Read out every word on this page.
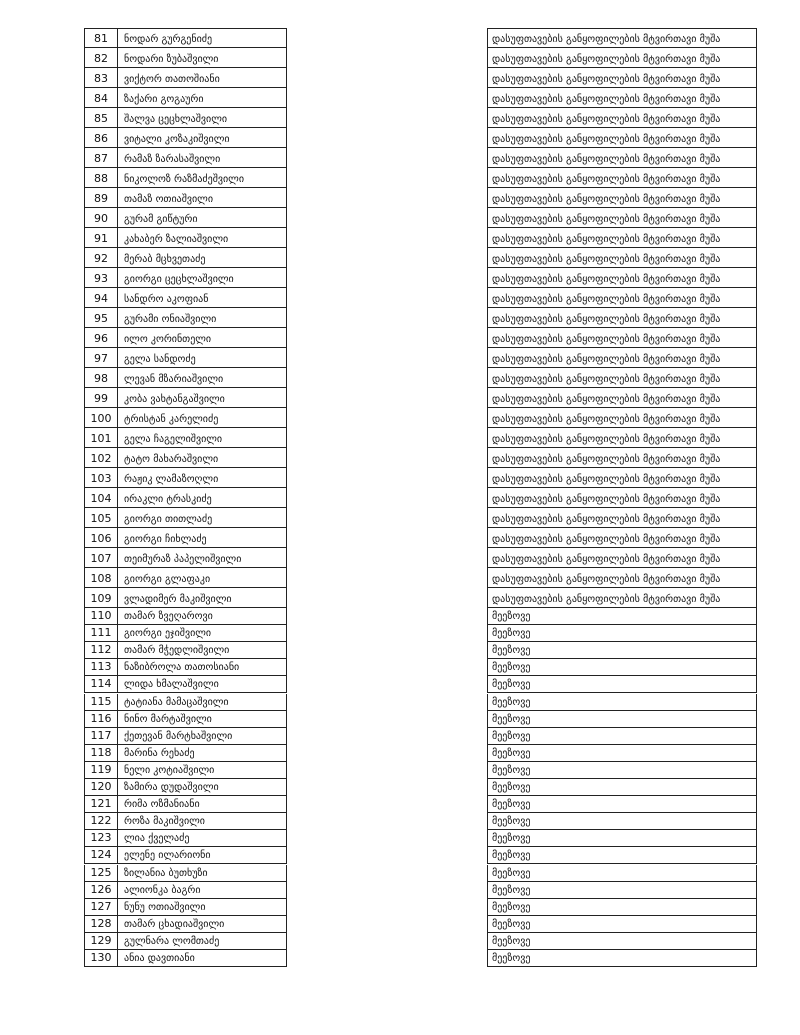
81	ნოდარ გურგენიძე	დასუფთავების განყოფილების მტვირთავი მუშა
82	ნოდარი ზუბაშვილი	დასუფთავების განყოფილების მტვირთავი მუშა
83	ვიქტორ თათოშიანი	დასუფთავების განყოფილების მტვირთავი მუშა
84	ზაქარი გოგაური	დასუფთავების განყოფილების მტვირთავი მუშა
85	შალვა ცეცხლაშვილი	დასუფთავების განყოფილების მტვირთავი მუშა
86	ვიტალი კოზაკიშვილი	დასუფთავების განყოფილების მტვირთავი მუშა
87	რამაზ ზარასაშვილი	დასუფთავების განყოფილების მტვირთავი მუშა
88	ნიკოლოზ რაზმაძეშვილი	დასუფთავების განყოფილების მტვირთავი მუშა
89	თამაზ ოთიაშვილი	დასუფთავების განყოფილების მტვირთავი მუშა
90	გურამ გიწტური	დასუფთავების განყოფილების მტვირთავი მუშა
91	კახაბერ ზალიაშვილი	დასუფთავების განყოფილების მტვირთავი მუშა
92	მერაბ მცხვეთაძე	დასუფთავების განყოფილების მტვირთავი მუშა
93	გიორგი ცეცხლაშვილი	დასუფთავების განყოფილების მტვირთავი მუშა
94	სანდრო აკოფიან	დასუფთავების განყოფილების მტვირთავი მუშა
95	გურამი ონიაშვილი	დასუფთავების განყოფილების მტვირთავი მუშა
96	ილო კორინთელი	დასუფთავების განყოფილების მტვირთავი მუშა
97	გელა სანდოძე	დასუფთავების განყოფილების მტვირთავი მუშა
98	ლევან მზარიაშვილი	დასუფთავების განყოფილების მტვირთავი მუშა
99	კობა ვახტანგაშვილი	დასუფთავების განყოფილების მტვირთავი მუშა
100	ტრისტან კარელიძე	დასუფთავების განყოფილების მტვირთავი მუშა
101	გელა ჩაგელიშვილი	დასუფთავების განყოფილების მტვირთავი მუშა
102	ტატო მახარაშვილი	დასუფთავების განყოფილების მტვირთავი მუშა
103	რაჟიკ ლამაზოღლი	დასუფთავების განყოფილების მტვირთავი მუშა
104	ირაკლი ტრასკიძე	დასუფთავების განყოფილების მტვირთავი მუშა
105	გიორგი თითლაძე	დასუფთავების განყოფილების მტვირთავი მუშა
106	გიორგი ჩიხლაძე	დასუფთავების განყოფილების მტვირთავი მუშა
107	თეიმურაზ პაპელიშვილი	დასუფთავების განყოფილების მტვირთავი მუშა
108	გიორგი გლაფაკი	დასუფთავების განყოფილების მტვირთავი მუშა
109	ვლადიმერ მაკიშვილი	დასუფთავების განყოფილების მტვირთავი მუშა
110	თამარ ზვეღაროვი	მეეზოვე
111	გიორგი ეჯიშვილი	მეეზოვე
112	თამარ მჭედლიშვილი	მეეზოვე
113	ნაზიბროლა თათოსიანი	მეეზოვე
114	ლიდა ხმალაშვილი	მეეზოვე
115	ტატიანა მამაცაშვილი	მეეზოვე
116	ნინო მარტაშვილი	მეეზოვე
117	ქეთევან მარტხაშვილი	მეეზოვე
118	მარინა რეხაძე	მეეზოვე
119	ნელი კოტიაშვილი	მეეზოვე
120	ზამირა დუდაშვილი	მეეზოვე
121	რიმა ოზმანიანი	მეეზოვე
122	როზა მაკიშვილი	მეეზოვე
123	ლია ქველაძე	მეეზოვე
124	ელენე ილარიონი	მეეზოვე
125	ზილანია ბუთხუზი	მეეზოვე
126	ალიონკა ბაგრი	მეეზოვე
127	ნუნუ ოთიაშვილი	მეეზოვე
128	თამარ ცხადიაშვილი	მეეზოვე
129	გულნარა ლომთაძე	მეეზოვე
130	ანია დავთიანი	მეეზოვე
